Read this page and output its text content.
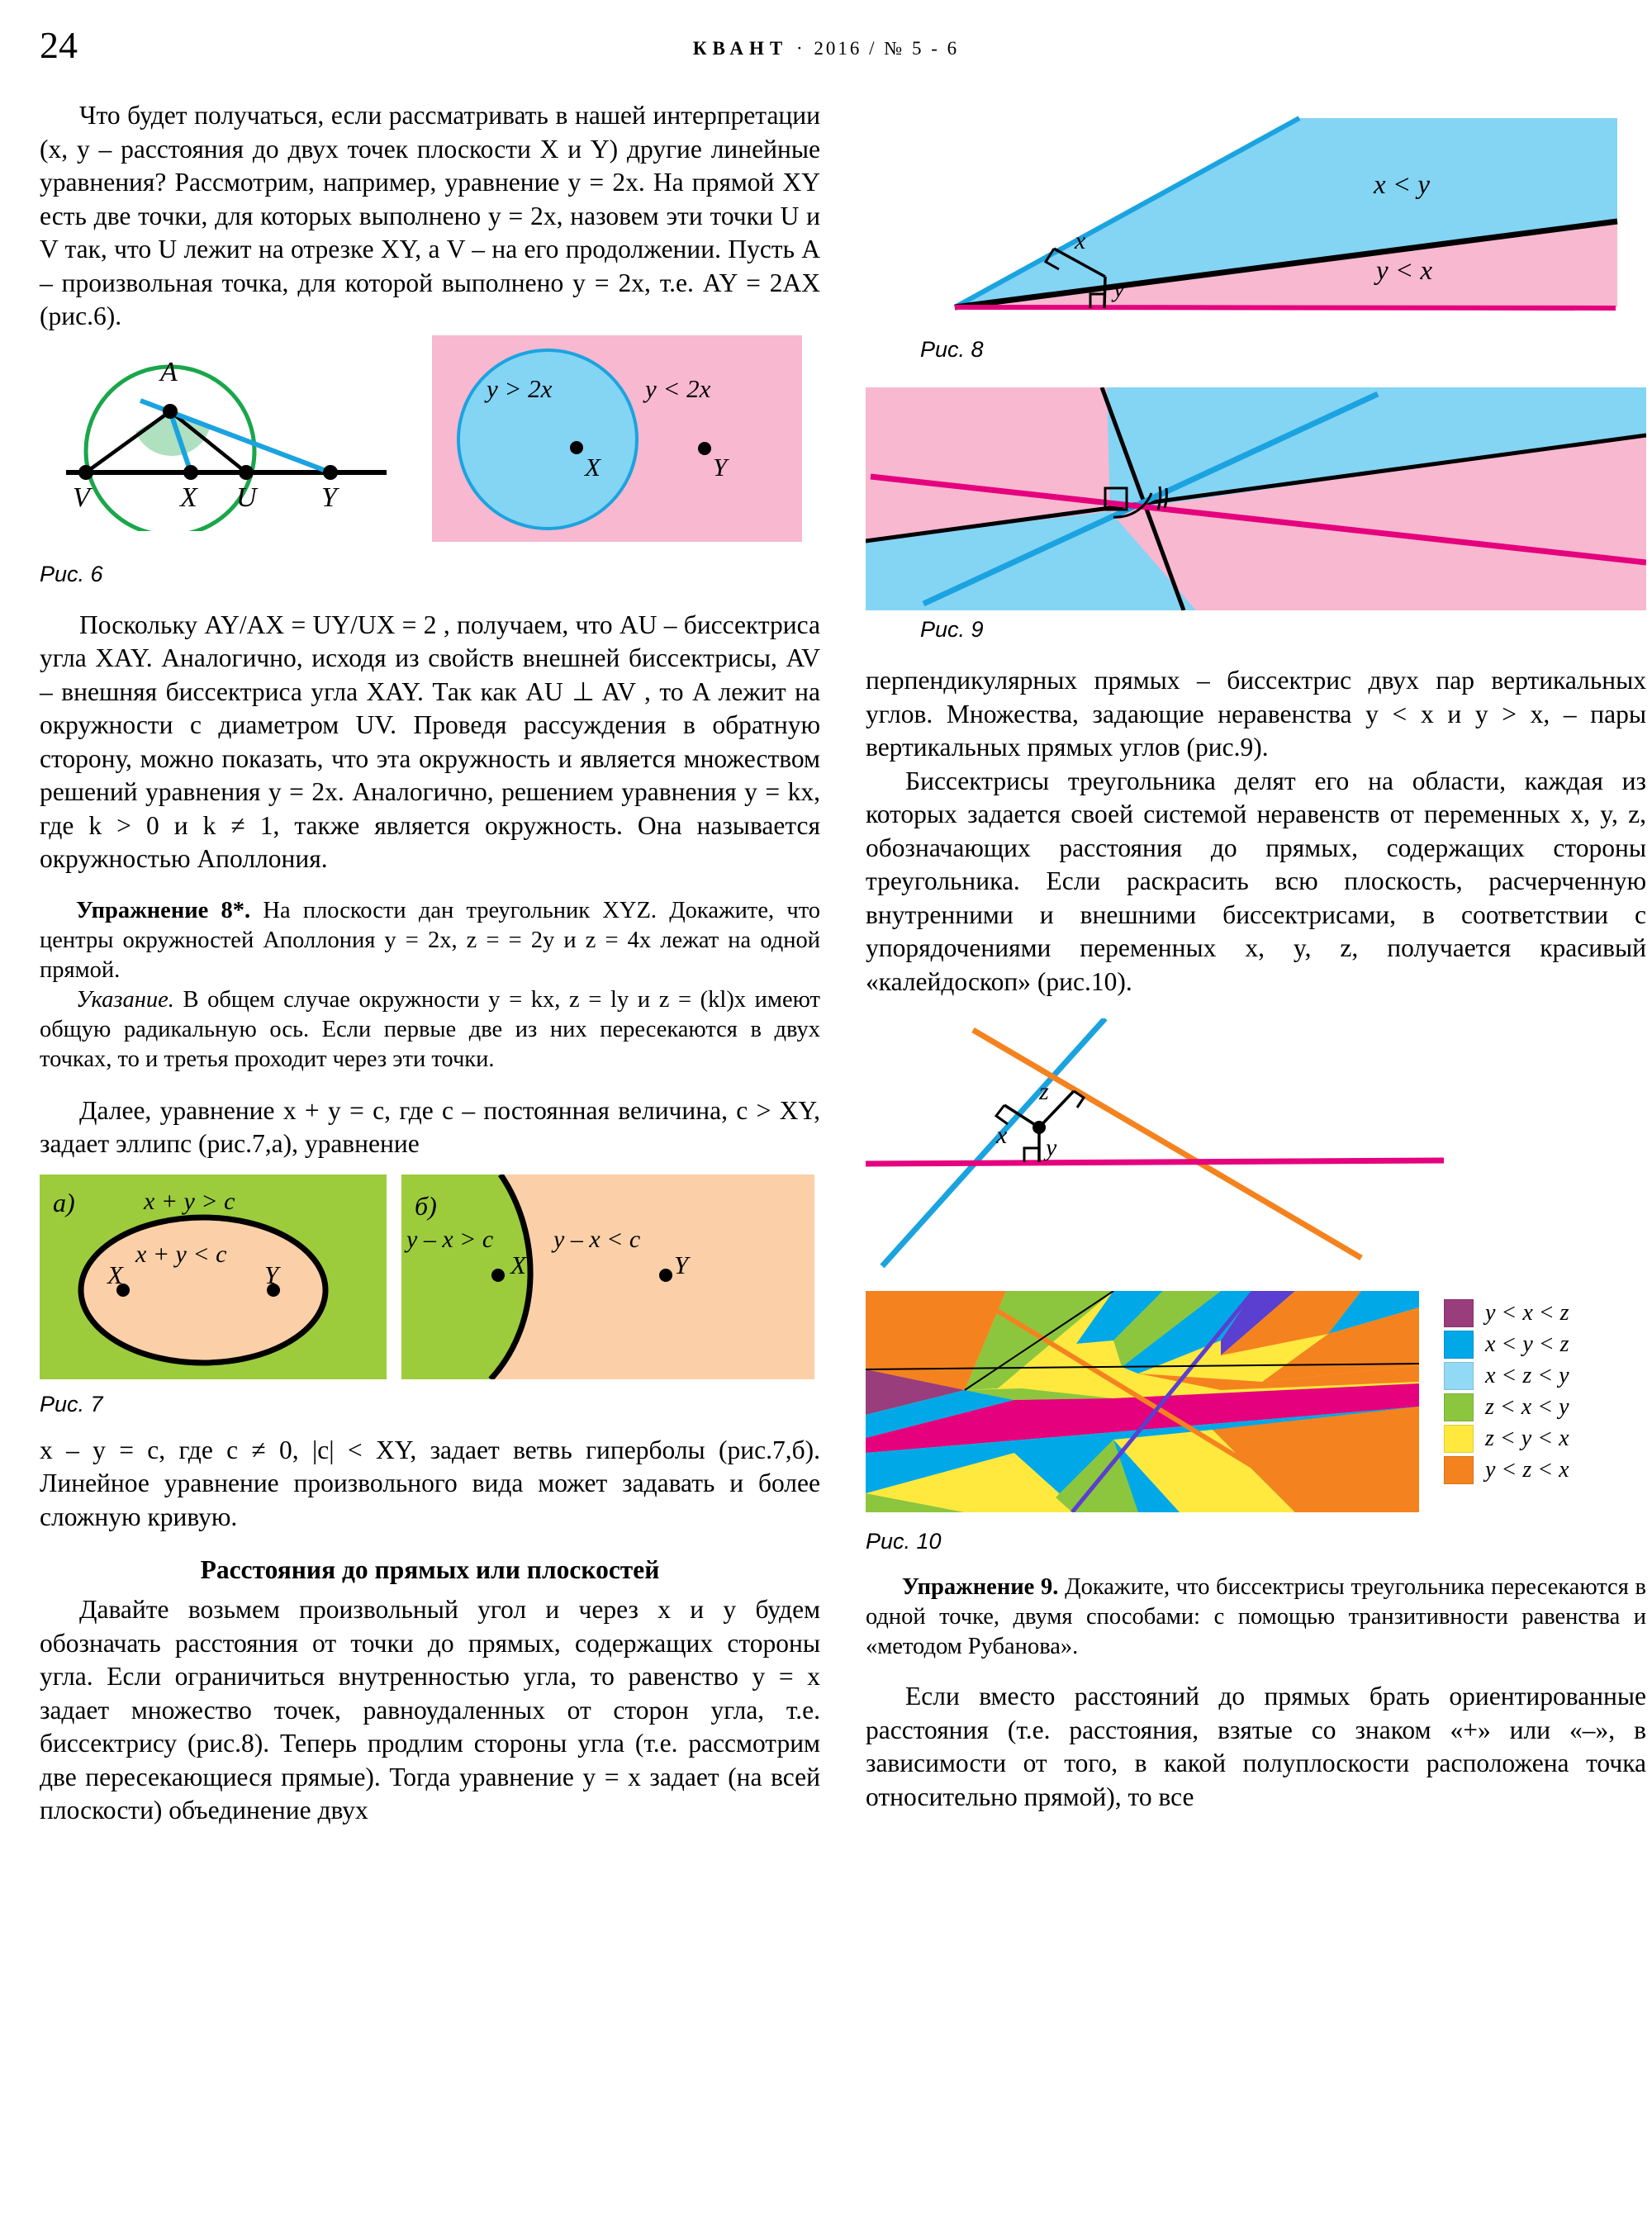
24	КВАНТ · 2016 / № 5 - 6

Что будет получаться, если рассматривать в нашей интерпретации (x, y – расстояния до двух точек плоскости X и Y) другие линейные уравнения? Рассмотрим, например, уравнение y = 2x. На прямой XY есть две точки, для которых выполнено y = 2x, назовем эти точки U и V так, что U лежит на отрезке XY, а V – на его продолжении. Пусть A – произвольная точка, для которой выполнено y = 2x, т.е. AY = 2AX (рис.6).

A
V	X U Y
y > 2x	y < 2x
X	Y
Рис. 6

Поскольку AY/AX = UY/UX = 2 , получаем, что AU – биссектриса угла XAY. Аналогично, исходя из свойств внешней биссектрисы, AV – внешняя биссектриса угла XAY. Так как AU ⊥ AV , то A лежит на окружности с диаметром UV. Проведя рассуждения в обратную сторону, можно показать, что эта окружность и является множеством решений уравнения y = 2x. Аналогично, решением уравнения y = kx, где k > 0 и k ≠ 1, также является окружность. Она называется окружностью Аполлония.

Упражнение 8*. На плоскости дан треугольник XYZ. Докажите, что центры окружностей Аполлония y = 2x, z = = 2y и z = 4x лежат на одной прямой.

Указание. В общем случае окружности y = kx, z = ly и z = (kl)x имеют общую радикальную ось. Если первые две из них пересекаются в двух точках, то и третья проходит через эти точки.

Далее, уравнение x + y = c, где c – постоянная величина, c > XY, задает эллипс (рис.7,а), уравнение

а)	x + y > c
x + y < c
X	Y
б)
y – x > c y – x < c
X	Y
Рис. 7

x – y = c, где c ≠ 0, |c| < XY, задает ветвь гиперболы (рис.7,б). Линейное уравнение произвольного вида может задавать и более сложную кривую.

Расстояния до прямых или плоскостей

Давайте возьмем произвольный угол и через x и y будем обозначать расстояния от точки до прямых, содержащих стороны угла. Если ограничиться внутренностью угла, то равенство y = x задает множество точек, равноудаленных от сторон угла, т.е. биссектрису (рис.8). Теперь продлим стороны угла (т.е. рассмотрим две пересекающиеся прямые). Тогда уравнение y = x задает (на всей плоскости) объединение двух

x < y
y < x
x
y
Рис. 8
Рис. 9

перпендикулярных прямых – биссектрис двух пар вертикальных углов. Множества, задающие неравенства y < x и y > x, – пары вертикальных прямых углов (рис.9).

Биссектрисы треугольника делят его на области, каждая из которых задается своей системой неравенств от переменных x, y, z, обозначающих расстояния до прямых, содержащих стороны треугольника. Если раскрасить всю плоскость, расчерченную внутренними и внешними биссектрисами, в соответствии с упорядочениями переменных x, y, z, получается красивый «калейдоскоп» (рис.10).

z
x y
y < x < z
x < y < z
x < z < y
z < x < y
z < y < x
y < z < x
Рис. 10

Упражнение 9. Докажите, что биссектрисы треугольника пересекаются в одной точке, двумя способами: с помощью транзитивности равенства и «методом Рубанова».

Если вместо расстояний до прямых брать ориентированные расстояния (т.е. расстояния, взятые со знаком «+» или «–», в зависимости от того, в какой полуплоскости расположена точка относительно прямой), то все
